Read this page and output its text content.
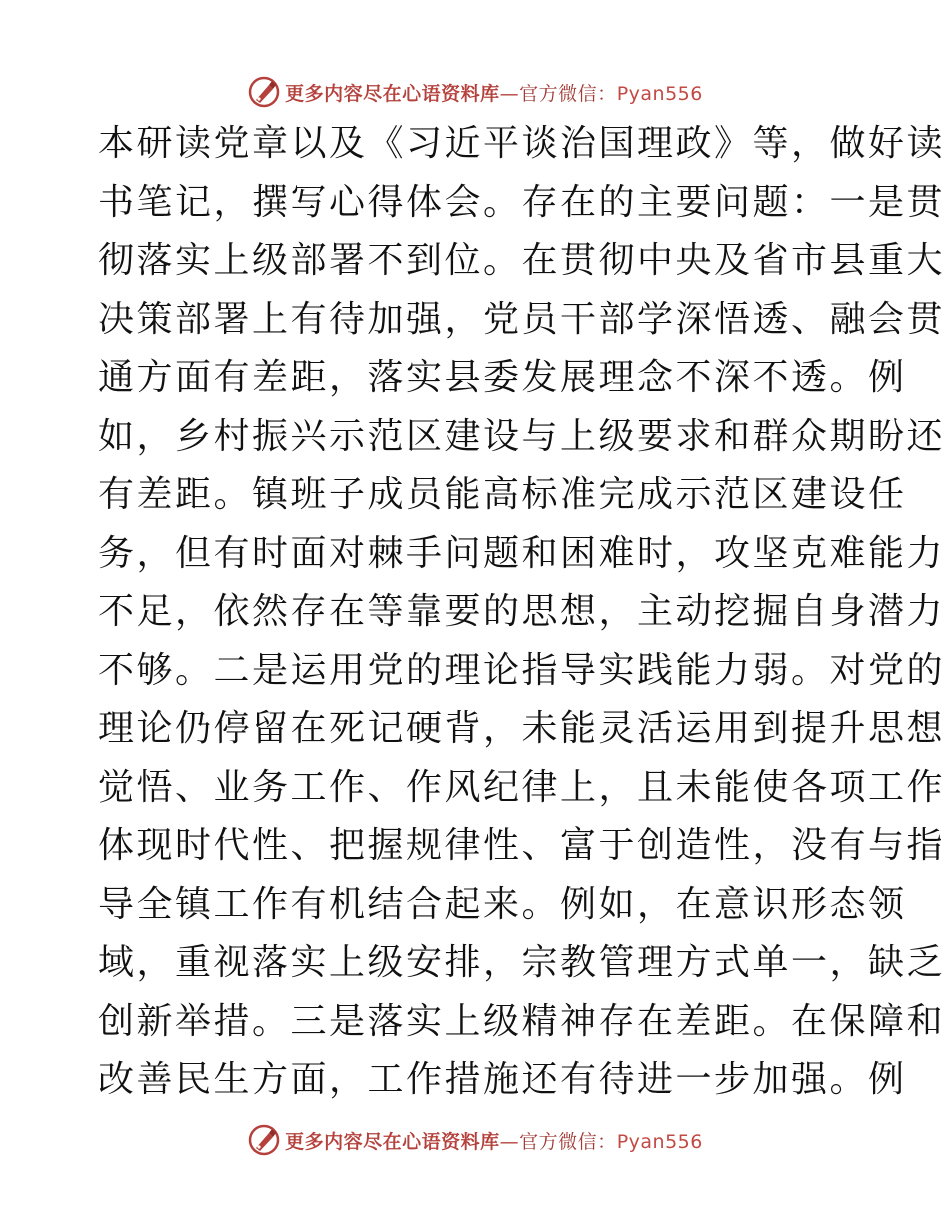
更多内容尽在心语资料库—官方微信：Pyan556
本研读党章以及《习近平谈治国理政》等，做好读
书笔记，撰写心得体会。存在的主要问题：一是贯
彻落实上级部署不到位。在贯彻中央及省市县重大
决策部署上有待加强，党员干部学深悟透、融会贯
通方面有差距，落实县委发展理念不深不透。例
如，乡村振兴示范区建设与上级要求和群众期盼还
有差距。镇班子成员能高标准完成示范区建设任
务，但有时面对棘手问题和困难时，攻坚克难能力
不足，依然存在等靠要的思想，主动挖掘自身潜力
不够。二是运用党的理论指导实践能力弱。对党的
理论仍停留在死记硬背，未能灵活运用到提升思想
觉悟、业务工作、作风纪律上，且未能使各项工作
体现时代性、把握规律性、富于创造性，没有与指
导全镇工作有机结合起来。例如，在意识形态领
域，重视落实上级安排，宗教管理方式单一，缺乏
创新举措。三是落实上级精神存在差距。在保障和
改善民生方面，工作措施还有待进一步加强。例
更多内容尽在心语资料库—官方微信：Pyan556
